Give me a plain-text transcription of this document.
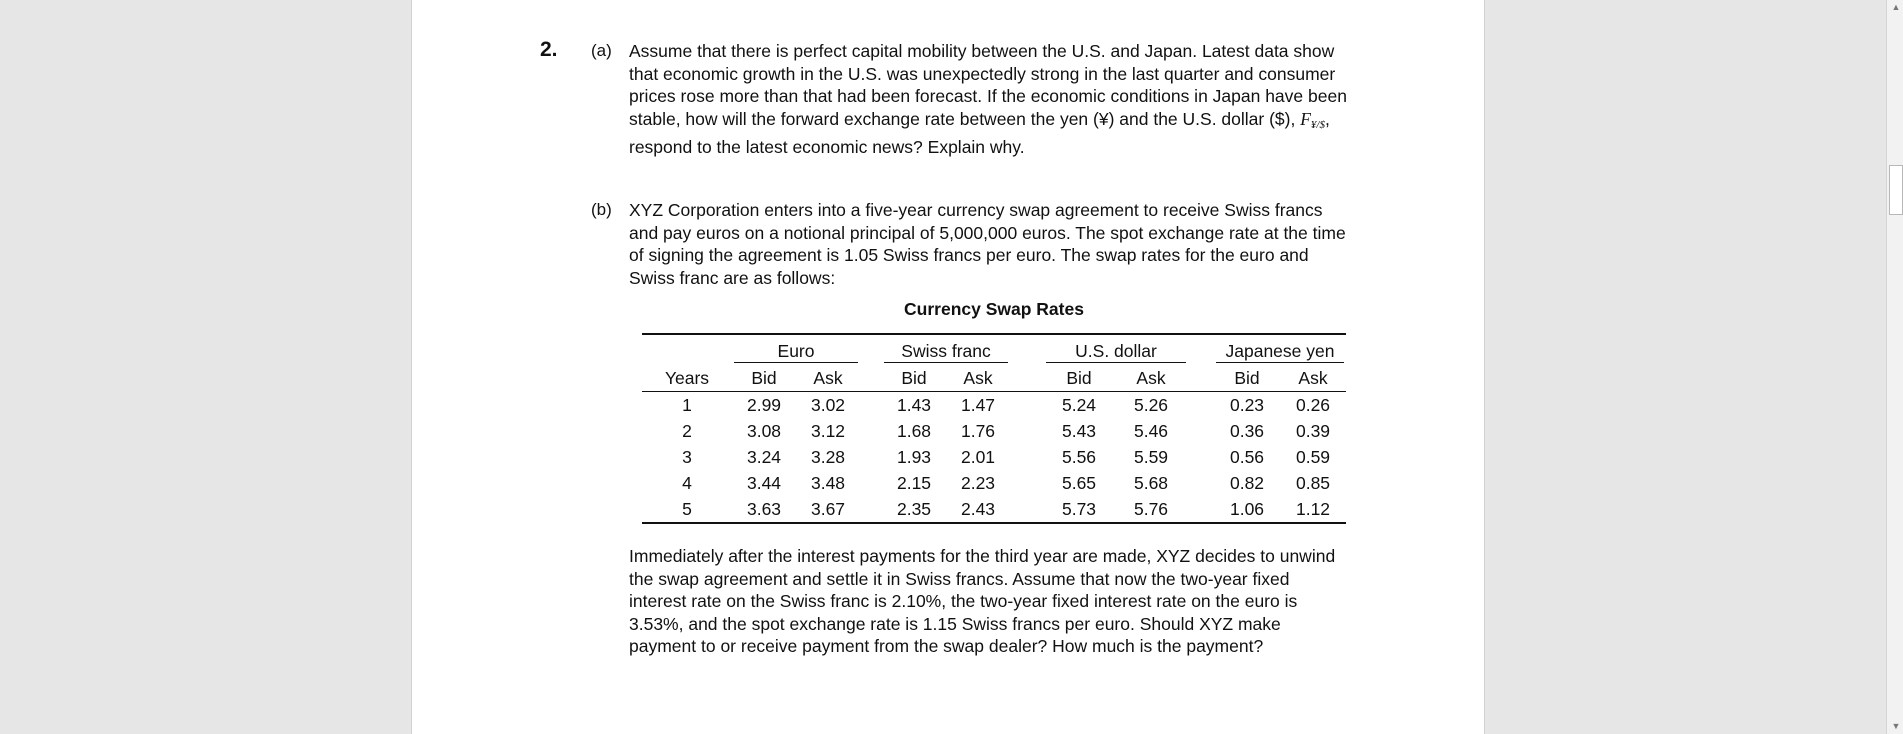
2. (a) Assume that there is perfect capital mobility between the U.S. and Japan. Latest data show that economic growth in the U.S. was unexpectedly strong in the last quarter and consumer prices rose more than that had been forecast. If the economic conditions in Japan have been stable, how will the forward exchange rate between the yen (¥) and the U.S. dollar ($), $F_{¥/\$}$, respond to the latest economic news? Explain why.

(b) XYZ Corporation enters into a five-year currency swap agreement to receive Swiss francs and pay euros on a notional principal of 5,000,000 euros. The spot exchange rate at the time of signing the agreement is 1.05 Swiss francs per euro. The swap rates for the euro and Swiss franc are as follows:

Currency Swap Rates
	Euro			Swiss franc			U.S. dollar			Japanese yen	
Years	Bid	Ask		Bid	Ask		Bid	Ask		Bid	Ask
1	2.99	3.02		1.43	1.47		5.24	5.26		0.23	0.26
2	3.08	3.12		1.68	1.76		5.43	5.46		0.36	0.39
3	3.24	3.28		1.93	2.01		5.56	5.59		0.56	0.59
4	3.44	3.48		2.15	2.23		5.65	5.68		0.82	0.85
5	3.63	3.67		2.35	2.43		5.73	5.76		1.06	1.12

Immediately after the interest payments for the third year are made, XYZ decides to unwind the swap agreement and settle it in Swiss francs. Assume that now the two-year fixed interest rate on the Swiss franc is 2.10%, the two-year fixed interest rate on the euro is 3.53%, and the spot exchange rate is 1.15 Swiss francs per euro. Should XYZ make payment to or receive payment from the swap dealer? How much is the payment?

▲
▼
